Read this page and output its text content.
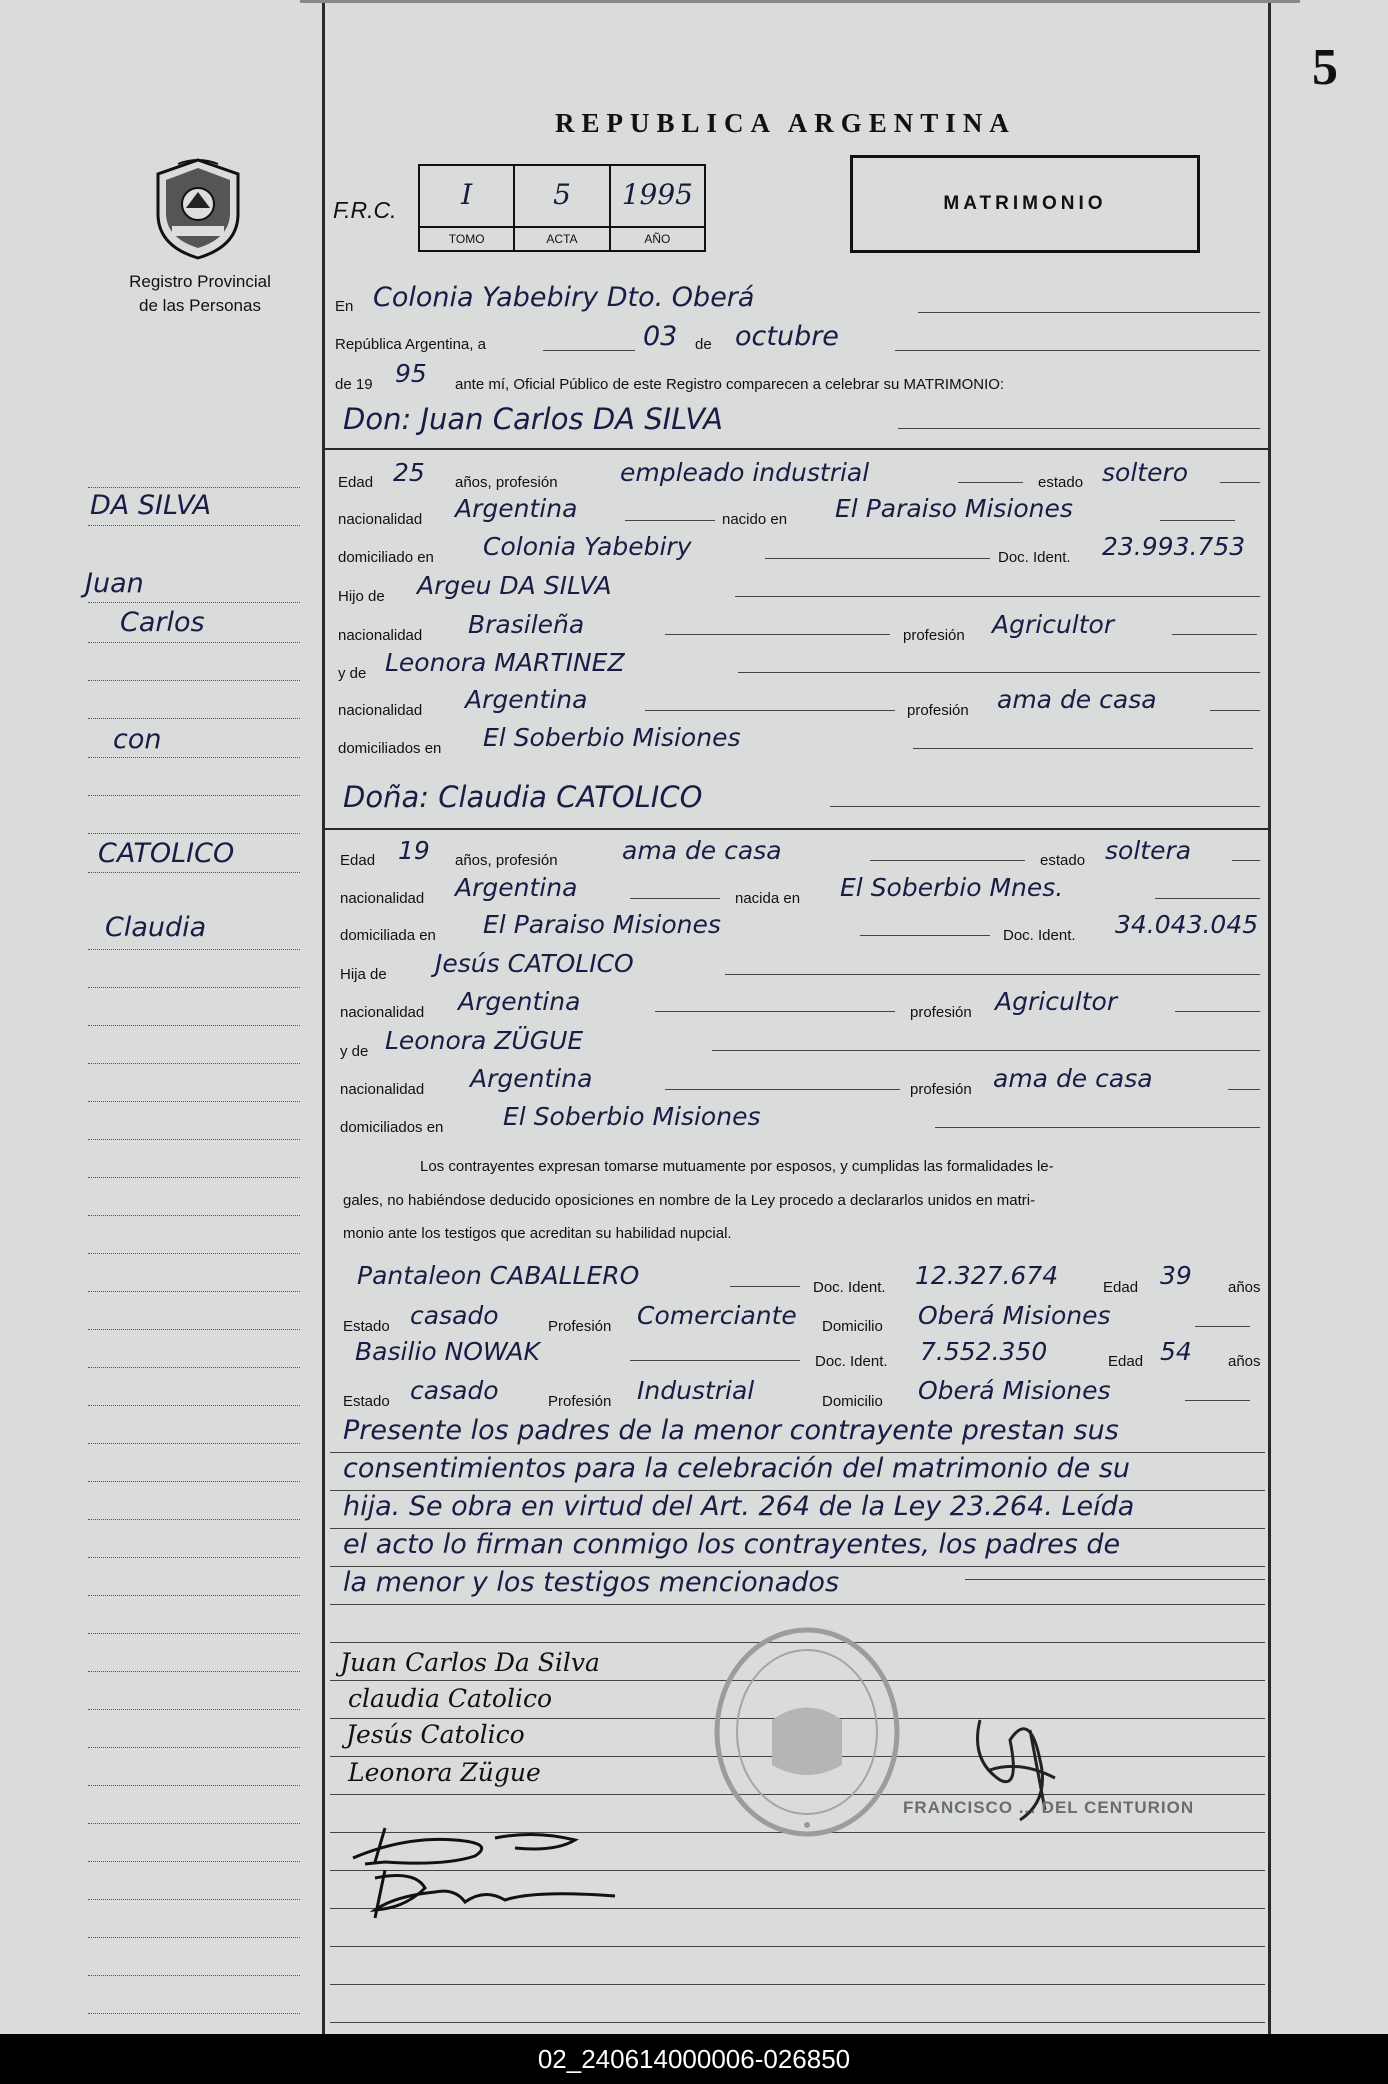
5
REPUBLICA ARGENTINA
Registro Provincial
de las Personas
F.R.C.	I
TOMO
5
ACTA
1995
AÑO
MATRIMONIO
En Colonia Yabebiry Dto. Oberá
República Argentina, a	03 de octubre
de 19 95 ante mí, Oficial Público de este Registro comparecen a celebrar su MATRIMONIO:
Don: Juan Carlos DA SILVA
Edad 25 años, profesión empleado industrial	estado soltero
nacionalidad Argentina	nacido en El Paraiso Misiones
domiciliado en Colonia Yabebiry	Doc. Ident. 23.993.753
Hijo de Argeu DA SILVA
nacionalidad Brasileña	profesión Agricultor
y de Leonora MARTINEZ
nacionalidad Argentina	profesión ama de casa
domiciliados en El Soberbio Misiones
Doña: Claudia CATOLICO
Edad 19 años, profesión	ama de casa	estado soltera
nacionalidad Argentina	nacida en El Soberbio Mnes.
domiciliada en El Paraiso Misiones	Doc. Ident. 34.043.045
Hija de Jesús CATOLICO
nacionalidad Argentina	profesión Agricultor
y de Leonora ZÜGUE
nacionalidad Argentina	profesión ama de casa
domiciliados en El Soberbio Misiones
Los contrayentes expresan tomarse mutuamente por esposos, y cumplidas las formalidades le-
gales, no habiéndose deducido oposiciones en nombre de la Ley procedo a declararlos unidos en matri-
monio ante los testigos que acreditan su habilidad nupcial.
Pantaleon CABALLERO	Doc. Ident. 12.327.674	Edad 39 años
Estado casado	Profesión Comerciante Domicilio Oberá Misiones
Basilio NOWAK	Doc. Ident. 7.552.350	Edad 54 años
Estado casado	Profesión Industrial	Domicilio Oberá Misiones
Presente los padres de la menor contrayente prestan sus
consentimientos para la celebración del matrimonio de su
hija. Se obra en virtud del Art. 264 de la Ley 23.264. Leída
el acto lo firman conmigo los contrayentes, los padres de
la menor y los testigos mencionados
Juan Carlos Da Silva
claudia Catolico
Jesús Catolico
Leonora Zügue
FRANCISCO ... DEL CENTURION
DA SILVA
Juan
Carlos
con
CATOLICO
Claudia
02_240614000006-026850
